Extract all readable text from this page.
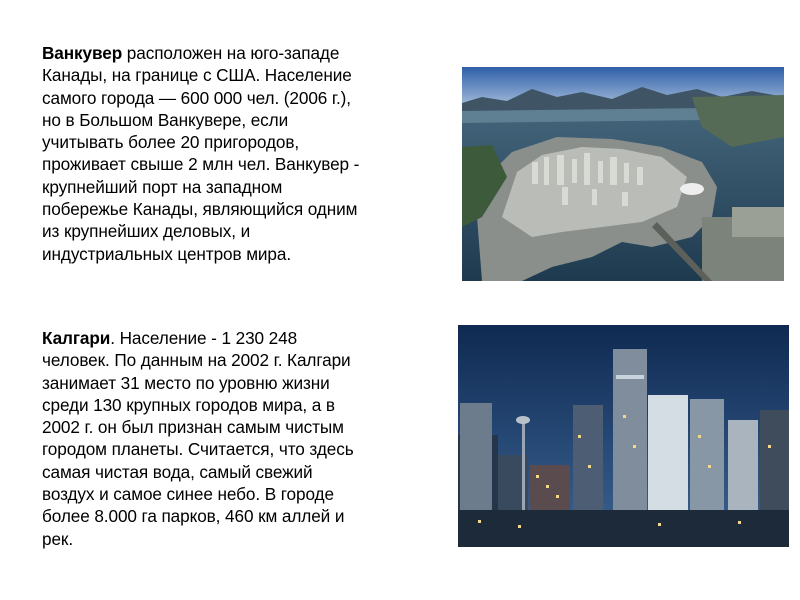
Ванкувер расположен на юго-западе
Канады, на границе с США. Население
самого города — 600 000 чел. (2006 г.),
но в Большом Ванкувере, если
учитывать более 20 пригородов,
проживает свыше 2 млн чел. Ванкувер -
крупнейший порт на западном
побережье Канады, являющийся одним
из крупнейших деловых, и
индустриальных центров мира.
Калгари. Население - 1 230 248
человек. По данным на 2002 г. Калгари
занимает 31 место по уровню жизни
среди 130 крупных городов мира, а в
2002 г. он был признан самым чистым
городом планеты. Считается, что здесь
самая чистая вода, самый свежий
воздух и самое синее небо. В городе
более 8.000 га парков, 460 км аллей и
рек.
